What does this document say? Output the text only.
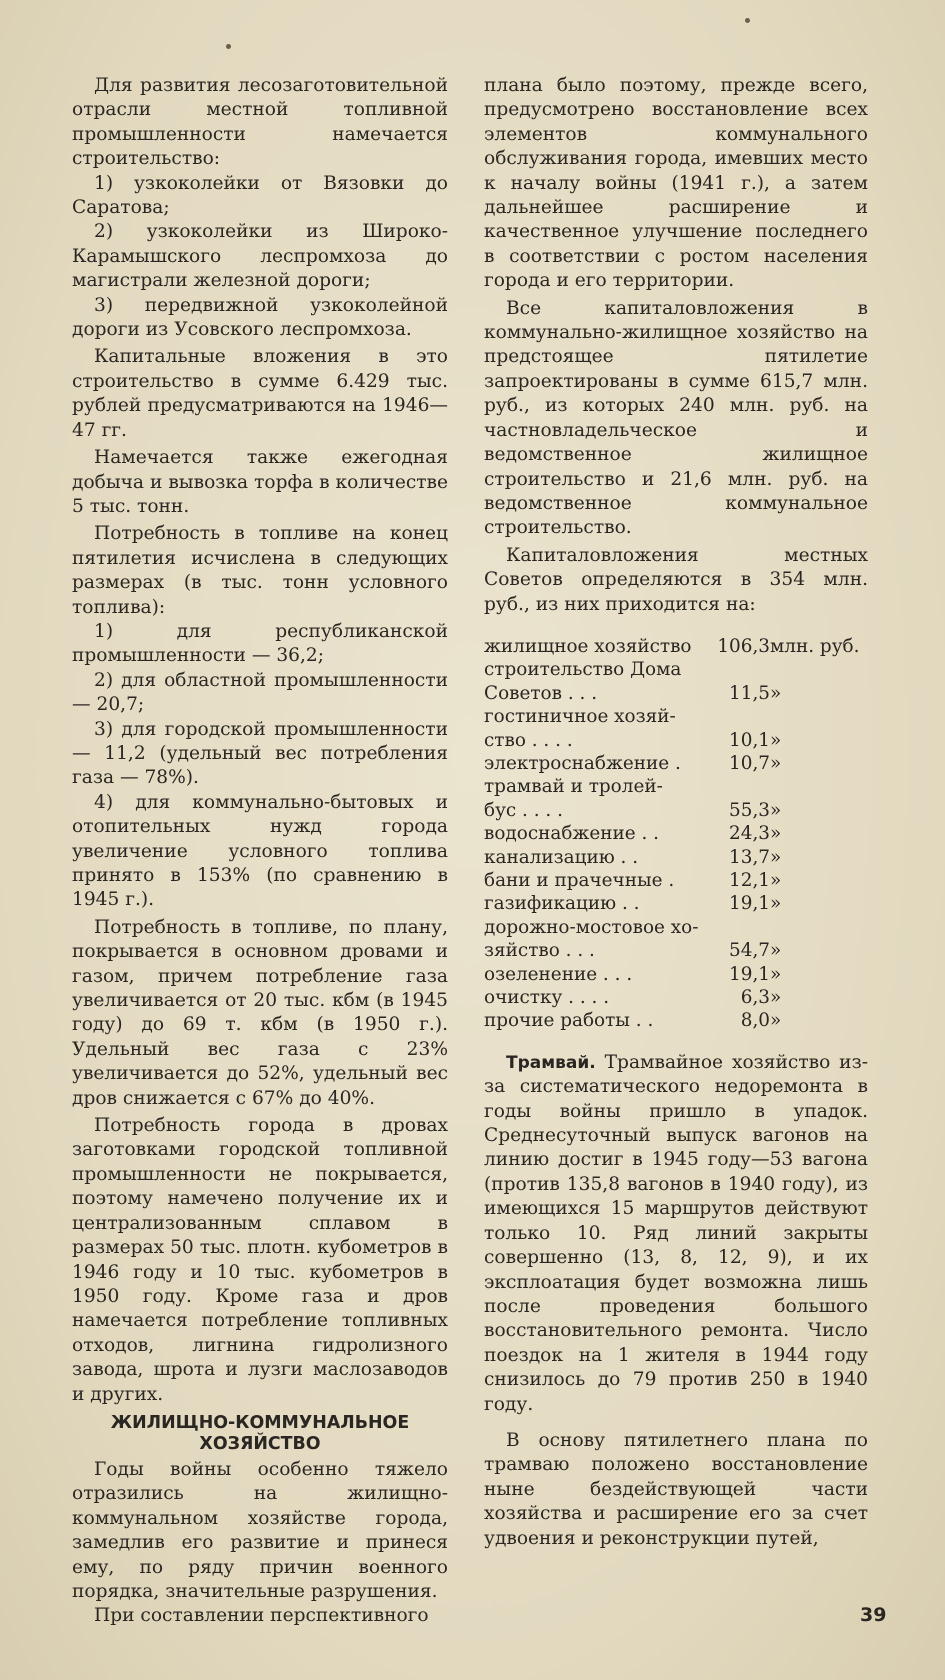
Для развития лесозаготовительной отрасли местной топливной промышленности намечается строительство:

1) узкоколейки от Вязовки до Саратова;

2) узкоколейки из Широко-Карамышского леспромхоза до магистрали железной дороги;

3) передвижной узкоколейной дороги из Усовского леспромхоза.

Капитальные вложения в это строительство в сумме 6.429 тыс. рублей предусматриваются на 1946—47 гг.

Намечается также ежегодная добыча и вывозка торфа в количестве 5 тыс. тонн.

Потребность в топливе на конец пятилетия исчислена в следующих размерах (в тыс. тонн условного топлива):

1) для республиканской промышленности — 36,2;

2) для областной промышленности — 20,7;

3) для городской промышленности — 11,2 (удельный вес потребления газа — 78%).

4) для коммунально-бытовых и отопительных нужд города увеличение условного топлива принято в 153% (по сравнению в 1945 г.).

Потребность в топливе, по плану, покрывается в основном дровами и газом, причем потребление газа увеличивается от 20 тыс. кбм (в 1945 году) до 69 т. кбм (в 1950 г.). Удельный вес газа с 23% увеличивается до 52%, удельный вес дров снижается с 67% до 40%.

Потребность города в дровах заготовками городской топливной промышленности не покрывается, поэтому намечено получение их и централизованным сплавом в размерах 50 тыс. плотн. кубометров в 1946 году и 10 тыс. кубометров в 1950 году. Кроме газа и дров намечается потребление топливных отходов, лигнина гидролизного завода, шрота и лузги маслозаводов и других.

ЖИЛИЩНО-КОММУНАЛЬНОЕ ХОЗЯЙСТВО

Годы войны особенно тяжело отразились на жилищно-коммунальном хозяйстве города, замедлив его развитие и принеся ему, по ряду причин военного порядка, значительные разрушения.

При составлении перспективного

плана было поэтому, прежде всего, предусмотрено восстановление всех элементов коммунального обслуживания города, имевших место к началу войны (1941 г.), а затем дальнейшее расширение и качественное улучшение последнего в соответствии с ростом населения города и его территории.

Все капиталовложения в коммунально-жилищное хозяйство на предстоящее пятилетие запроектированы в сумме 615,7 млн. руб., из которых 240 млн. руб. на частновладельческое и ведомственное жилищное строительство и 21,6 млн. руб. на ведомственное коммунальное строительство.

Капиталовложения местных Советов определяются в 354 млн. руб., из них приходится на:

жилищное хозяйство	106,3	млн. руб.
строительство Дома		
Советов . . .	11,5	»
гостиничное хозяй-		
ство . . . .	10,1	»
электроснабжение .	10,7	»
трамвай и тролей-		
бус . . . .	55,3	»
водоснабжение . .	24,3	»
канализацию . .	13,7	»
бани и прачечные .	12,1	»
газификацию . .	19,1	»
дорожно-мостовое хо-		
зяйство . . .	54,7	»
озеленение . . .	19,1	»
очистку . . . .	6,3	»
прочие работы . .	8,0	»

Трамвай. Трамвайное хозяйство из-за систематического недоремонта в годы войны пришло в упадок. Среднесуточный выпуск вагонов на линию достиг в 1945 году—53 вагона (против 135,8 вагонов в 1940 году), из имеющихся 15 маршрутов действуют только 10. Ряд линий закрыты совершенно (13, 8, 12, 9), и их эксплоатация будет возможна лишь после проведения большого восстановительного ремонта. Число поездок на 1 жителя в 1944 году снизилось до 79 против 250 в 1940 году.

В основу пятилетнего плана по трамваю положено восстановление ныне бездействующей части хозяйства и расширение его за счет удвоения и реконструкции путей,

39
